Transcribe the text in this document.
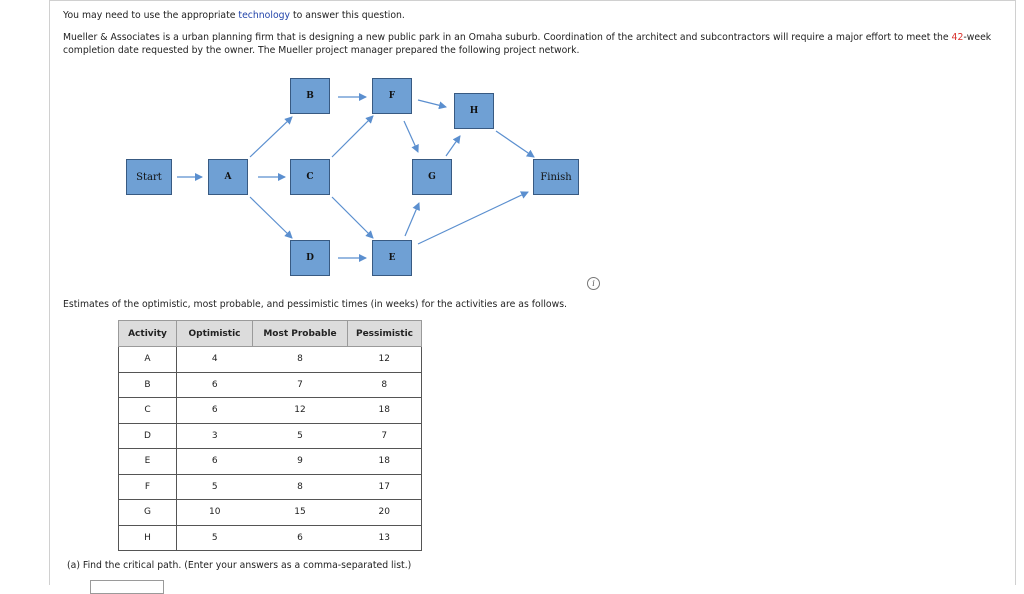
You may need to use the appropriate technology to answer this question.
Mueller & Associates is a urban planning firm that is designing a new public park in an Omaha suburb. Coordination of the architect and subcontractors will require a major effort to meet the 42-week completion date requested by the owner. The Mueller project manager prepared the following project network.
Start	A
B
C
D	E
F
G
H
Finish
i
Estimates of the optimistic, most probable, and pessimistic times (in weeks) for the activities are as follows.
Activity	Optimistic	Most Probable	Pessimistic
A	4	8	12
B	6	7	8
C	6	12	18
D	3	5	7
E	6	9	18
F	5	8	17
G	10	15	20
H	5	6	13
(a) Find the critical path. (Enter your answers as a comma-separated list.)
